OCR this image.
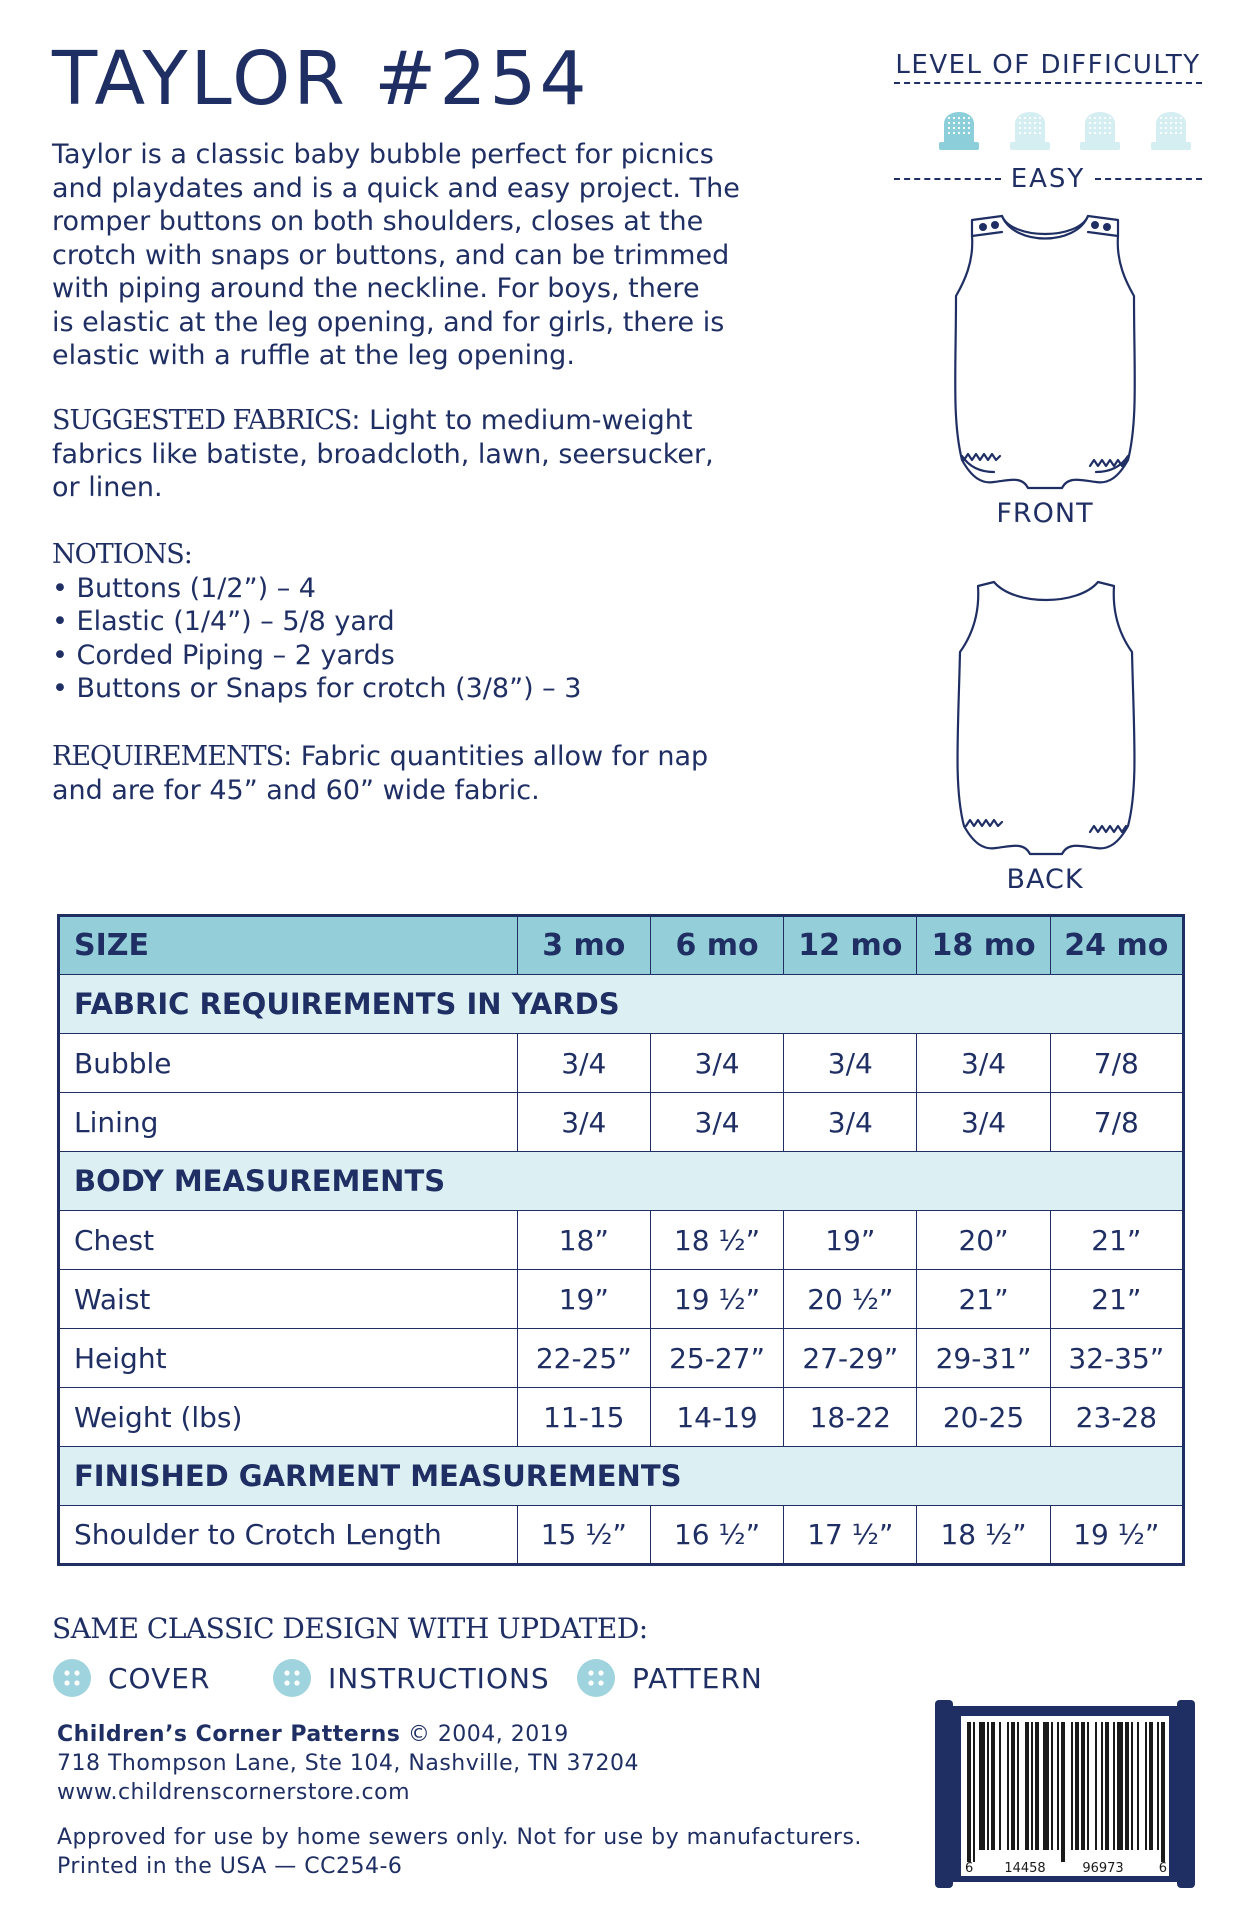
TAYLOR #254
Taylor is a classic baby bubble perfect for picnics
and playdates and is a quick and easy project. The
romper buttons on both shoulders, closes at the
crotch with snaps or buttons, and can be trimmed
with piping around the neckline. For boys, there
is elastic at the leg opening, and for girls, there is
elastic with a ruffle at the leg opening.
SUGGESTED FABRICS: Light to medium-weight
fabrics like batiste, broadcloth, lawn, seersucker,
or linen.
NOTIONS:
• Buttons (1/2”) – 4
• Elastic (1/4”) – 5/8 yard
• Corded Piping – 2 yards
• Buttons or Snaps for crotch (3/8”) – 3
REQUIREMENTS: Fabric quantities allow for nap
and are for 45” and 60” wide fabric.
LEVEL OF DIFFICULTY
EASY
FRONT
BACK
SIZE	3 mo	6 mo	12 mo	18 mo	24 mo
FABRIC REQUIREMENTS IN YARDS					
Bubble	3/4	3/4	3/4	3/4	7/8
Lining	3/4	3/4	3/4	3/4	7/8
BODY MEASUREMENTS					
Chest	18”	18 ½”	19”	20”	21”
Waist	19”	19 ½”	20 ½”	21”	21”
Height	22-25”	25-27”	27-29”	29-31”	32-35”
Weight (lbs)	11-15	14-19	18-22	20-25	23-28
FINISHED GARMENT MEASUREMENTS					
Shoulder to Crotch Length	15 ½”	16 ½”	17 ½”	18 ½”	19 ½”
SAME CLASSIC DESIGN WITH UPDATED:
COVER	INSTRUCTIONS	PATTERN
Children’s Corner Patterns © 2004, 2019
718 Thompson Lane, Ste 104, Nashville, TN 37204
www.childrenscornerstore.com
Approved for use by home sewers only. Not for use by manufacturers.
Printed in the USA — CC254-6	6 14458	96973	6
